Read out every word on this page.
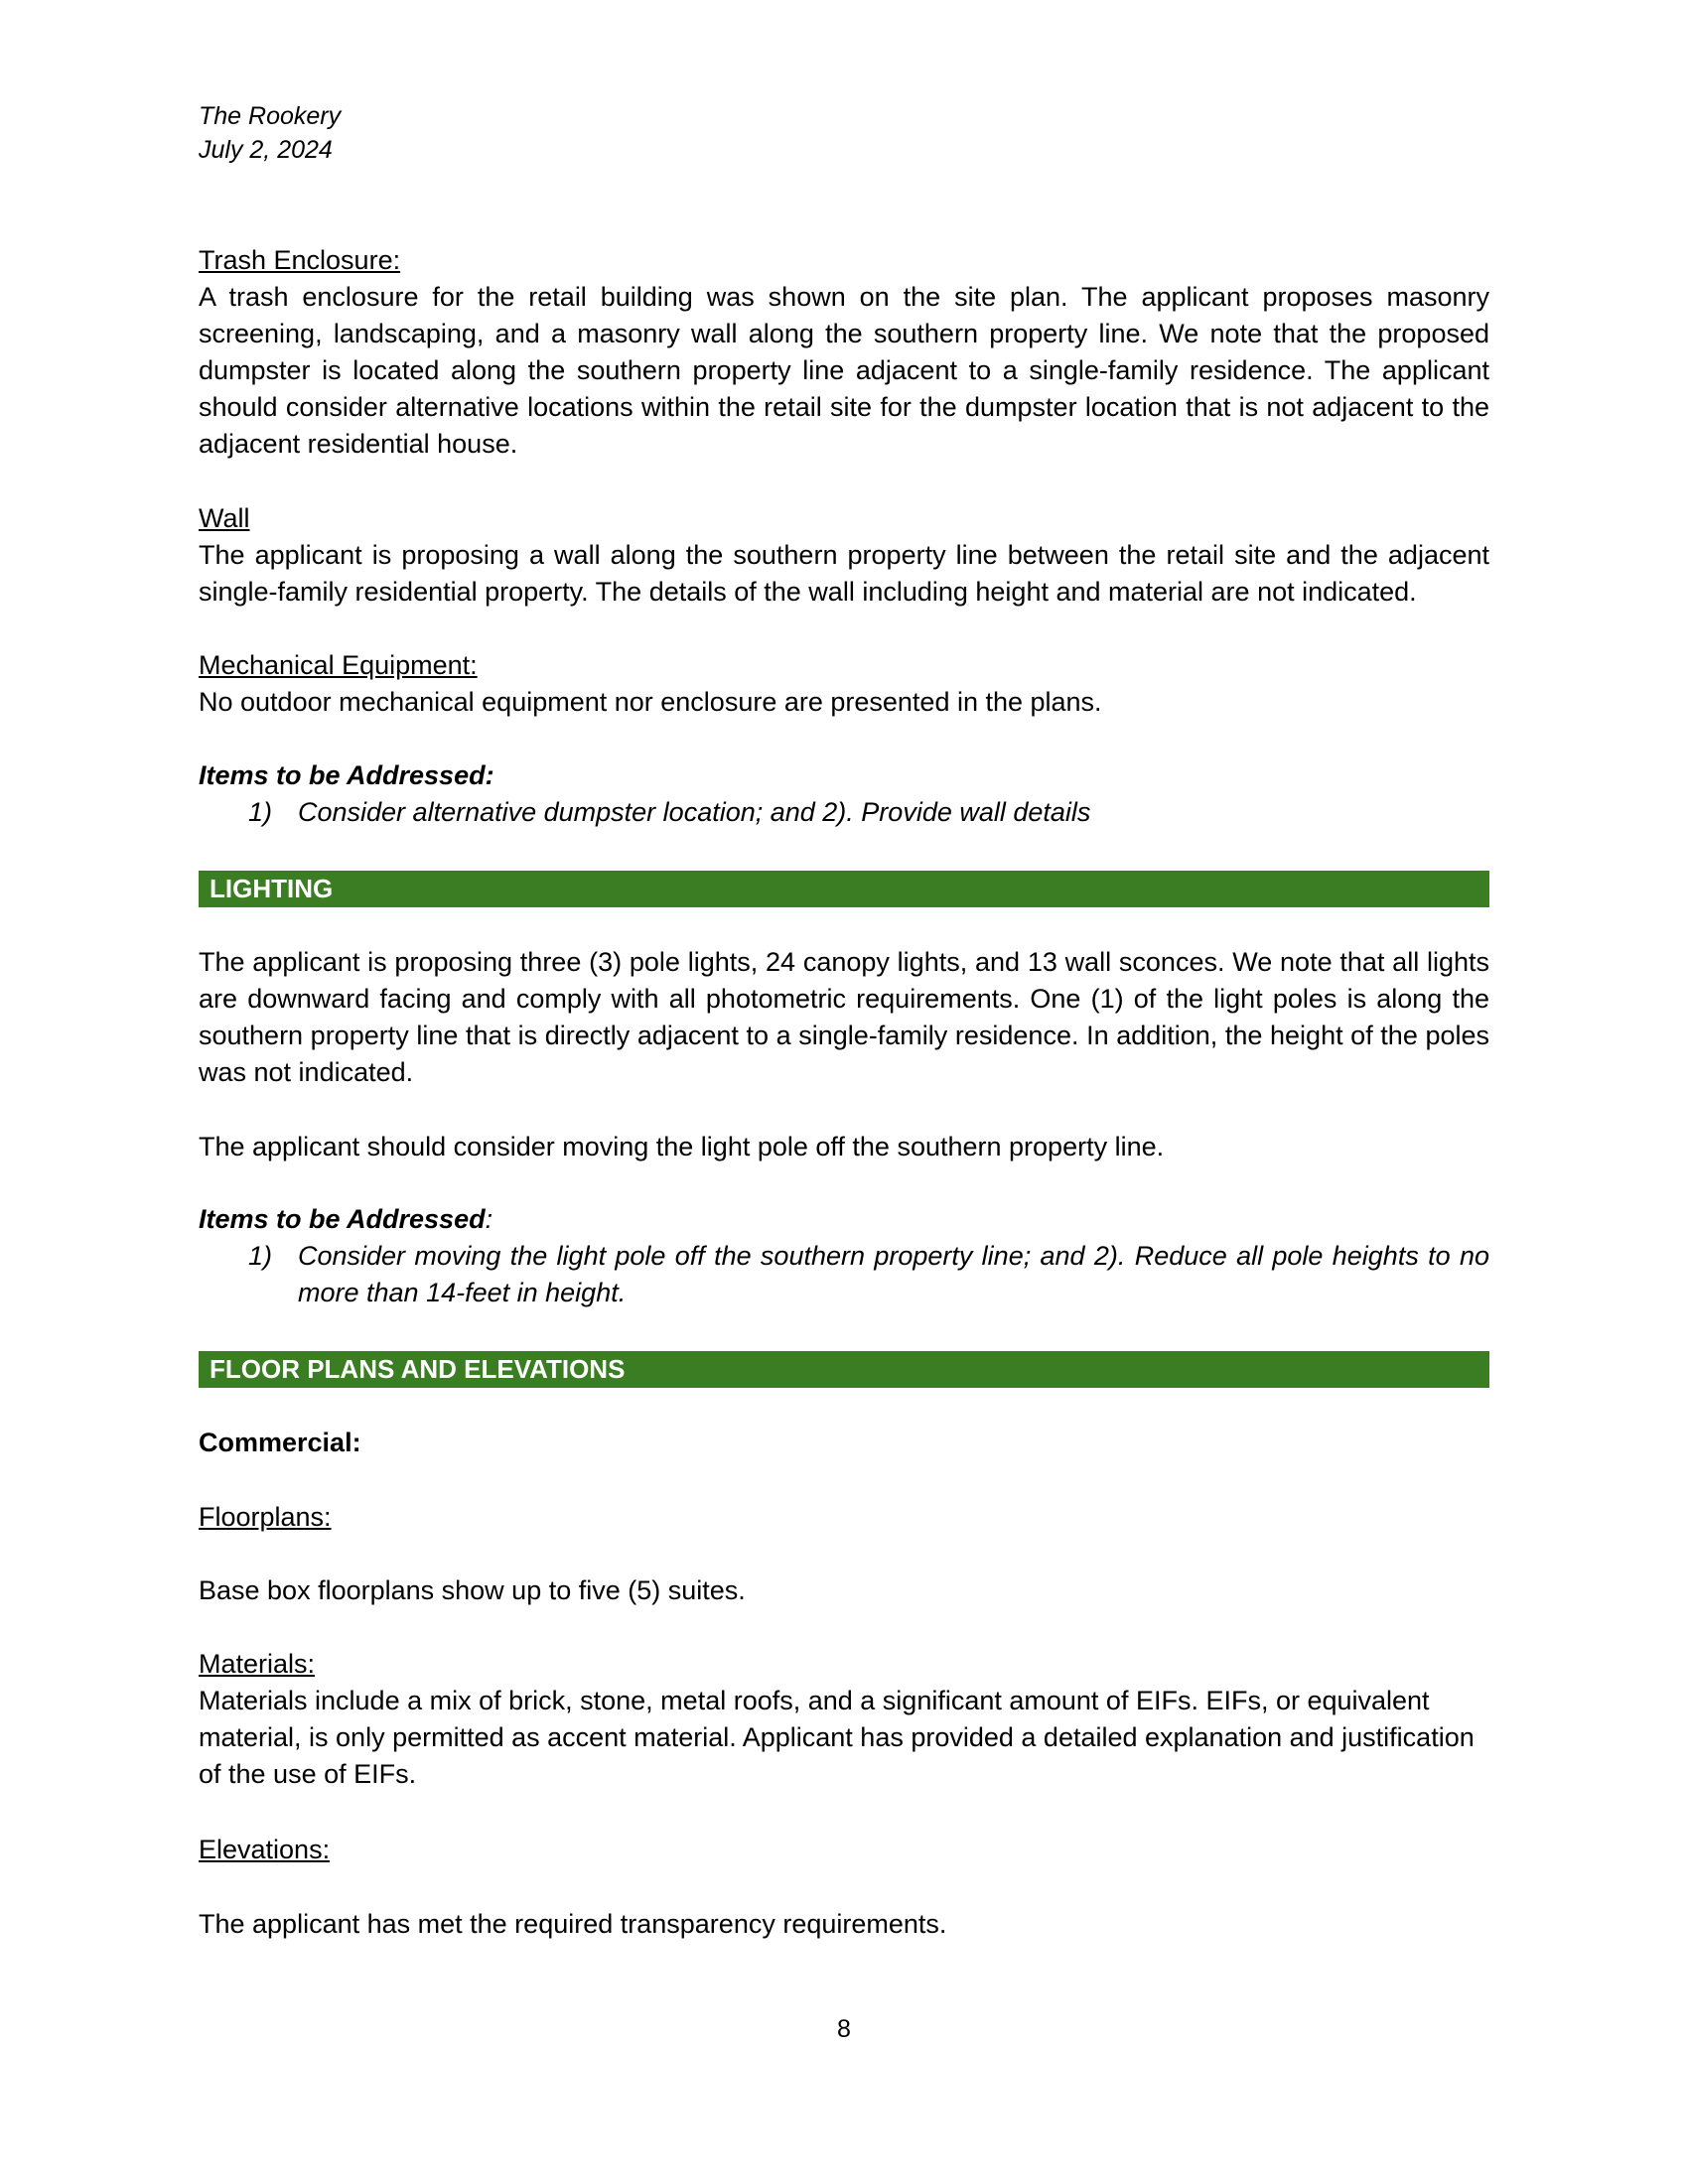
The Rookery
July 2, 2024
Trash Enclosure:
A trash enclosure for the retail building was shown on the site plan. The applicant proposes masonry screening, landscaping, and a masonry wall along the southern property line. We note that the proposed dumpster is located along the southern property line adjacent to a single-family residence. The applicant should consider alternative locations within the retail site for the dumpster location that is not adjacent to the adjacent residential house.
Wall
The applicant is proposing a wall along the southern property line between the retail site and the adjacent single-family residential property. The details of the wall including height and material are not indicated.
Mechanical Equipment:
No outdoor mechanical equipment nor enclosure are presented in the plans.
Items to be Addressed:
1) Consider alternative dumpster location; and 2). Provide wall details
LIGHTING
The applicant is proposing three (3) pole lights, 24 canopy lights, and 13 wall sconces. We note that all lights are downward facing and comply with all photometric requirements. One (1) of the light poles is along the southern property line that is directly adjacent to a single-family residence. In addition, the height of the poles was not indicated.
The applicant should consider moving the light pole off the southern property line.
Items to be Addressed:
1) Consider moving the light pole off the southern property line; and 2). Reduce all pole heights to no more than 14-feet in height.
FLOOR PLANS AND ELEVATIONS
Commercial:
Floorplans:
Base box floorplans show up to five (5) suites.
Materials:
Materials include a mix of brick, stone, metal roofs, and a significant amount of EIFs. EIFs, or equivalent material, is only permitted as accent material. Applicant has provided a detailed explanation and justification of the use of EIFs.
Elevations:
The applicant has met the required transparency requirements.
8
